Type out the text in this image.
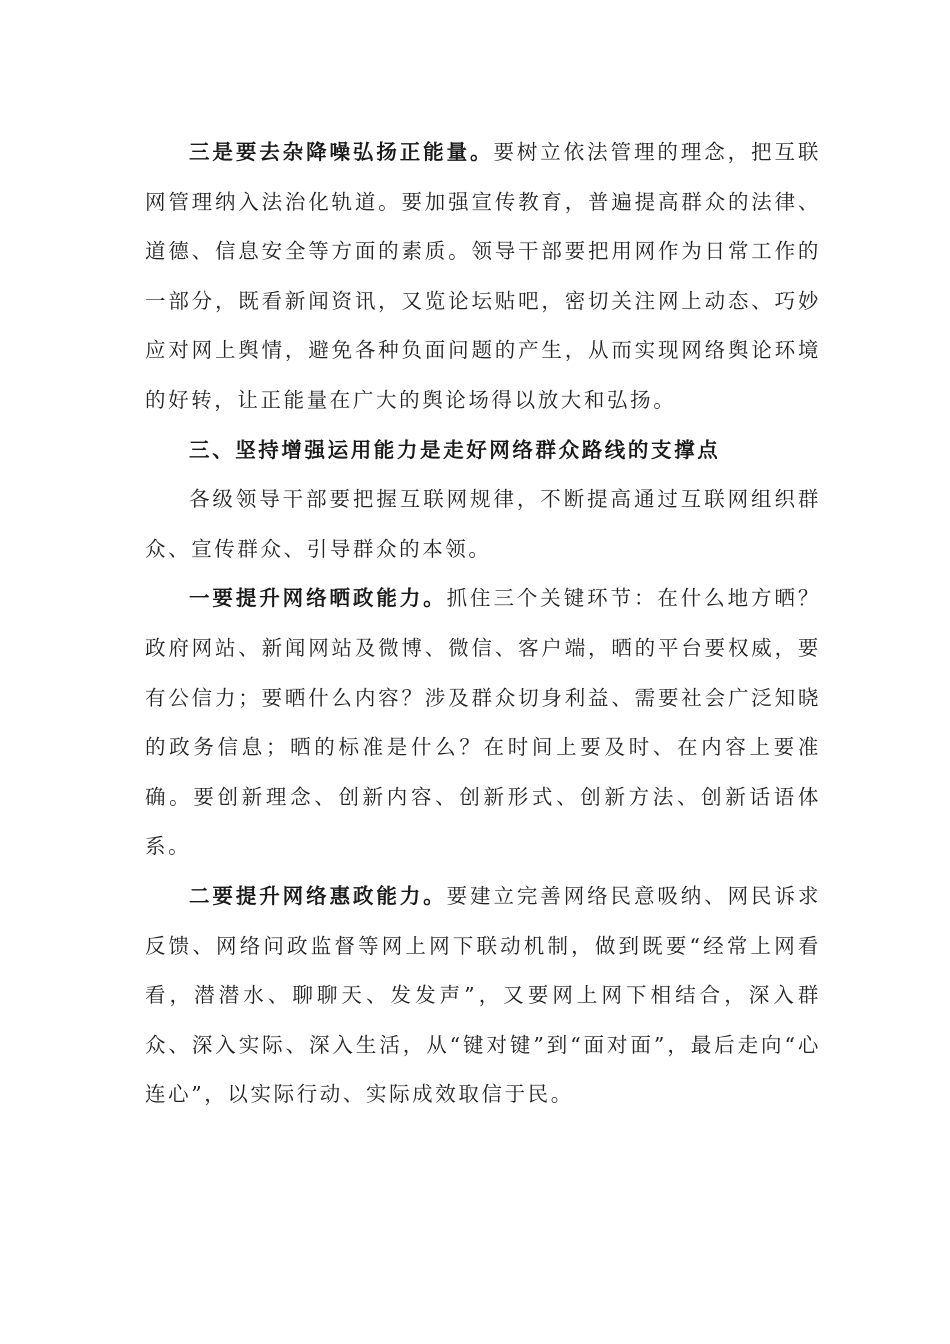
三是要去杂降噪弘扬正能量。要树立依法管理的理念，把互联网管理纳入法治化轨道。要加强宣传教育，普遍提高群众的法律、道德、信息安全等方面的素质。领导干部要把用网作为日常工作的一部分，既看新闻资讯，又览论坛贴吧，密切关注网上动态、巧妙应对网上舆情，避免各种负面问题的产生，从而实现网络舆论环境的好转，让正能量在广大的舆论场得以放大和弘扬。

三、坚持增强运用能力是走好网络群众路线的支撑点

各级领导干部要把握互联网规律，不断提高通过互联网组织群众、宣传群众、引导群众的本领。

一要提升网络晒政能力。抓住三个关键环节：在什么地方晒？政府网站、新闻网站及微博、微信、客户端，晒的平台要权威，要有公信力；要晒什么内容？涉及群众切身利益、需要社会广泛知晓的政务信息；晒的标准是什么？在时间上要及时、在内容上要准确。要创新理念、创新内容、创新形式、创新方法、创新话语体系。

二要提升网络惠政能力。要建立完善网络民意吸纳、网民诉求反馈、网络问政监督等网上网下联动机制，做到既要“经常上网看看，潜潜水、聊聊天、发发声”，又要网上网下相结合，深入群众、深入实际、深入生活，从“键对键”到“面对面”，最后走向“心连心”，以实际行动、实际成效取信于民。
